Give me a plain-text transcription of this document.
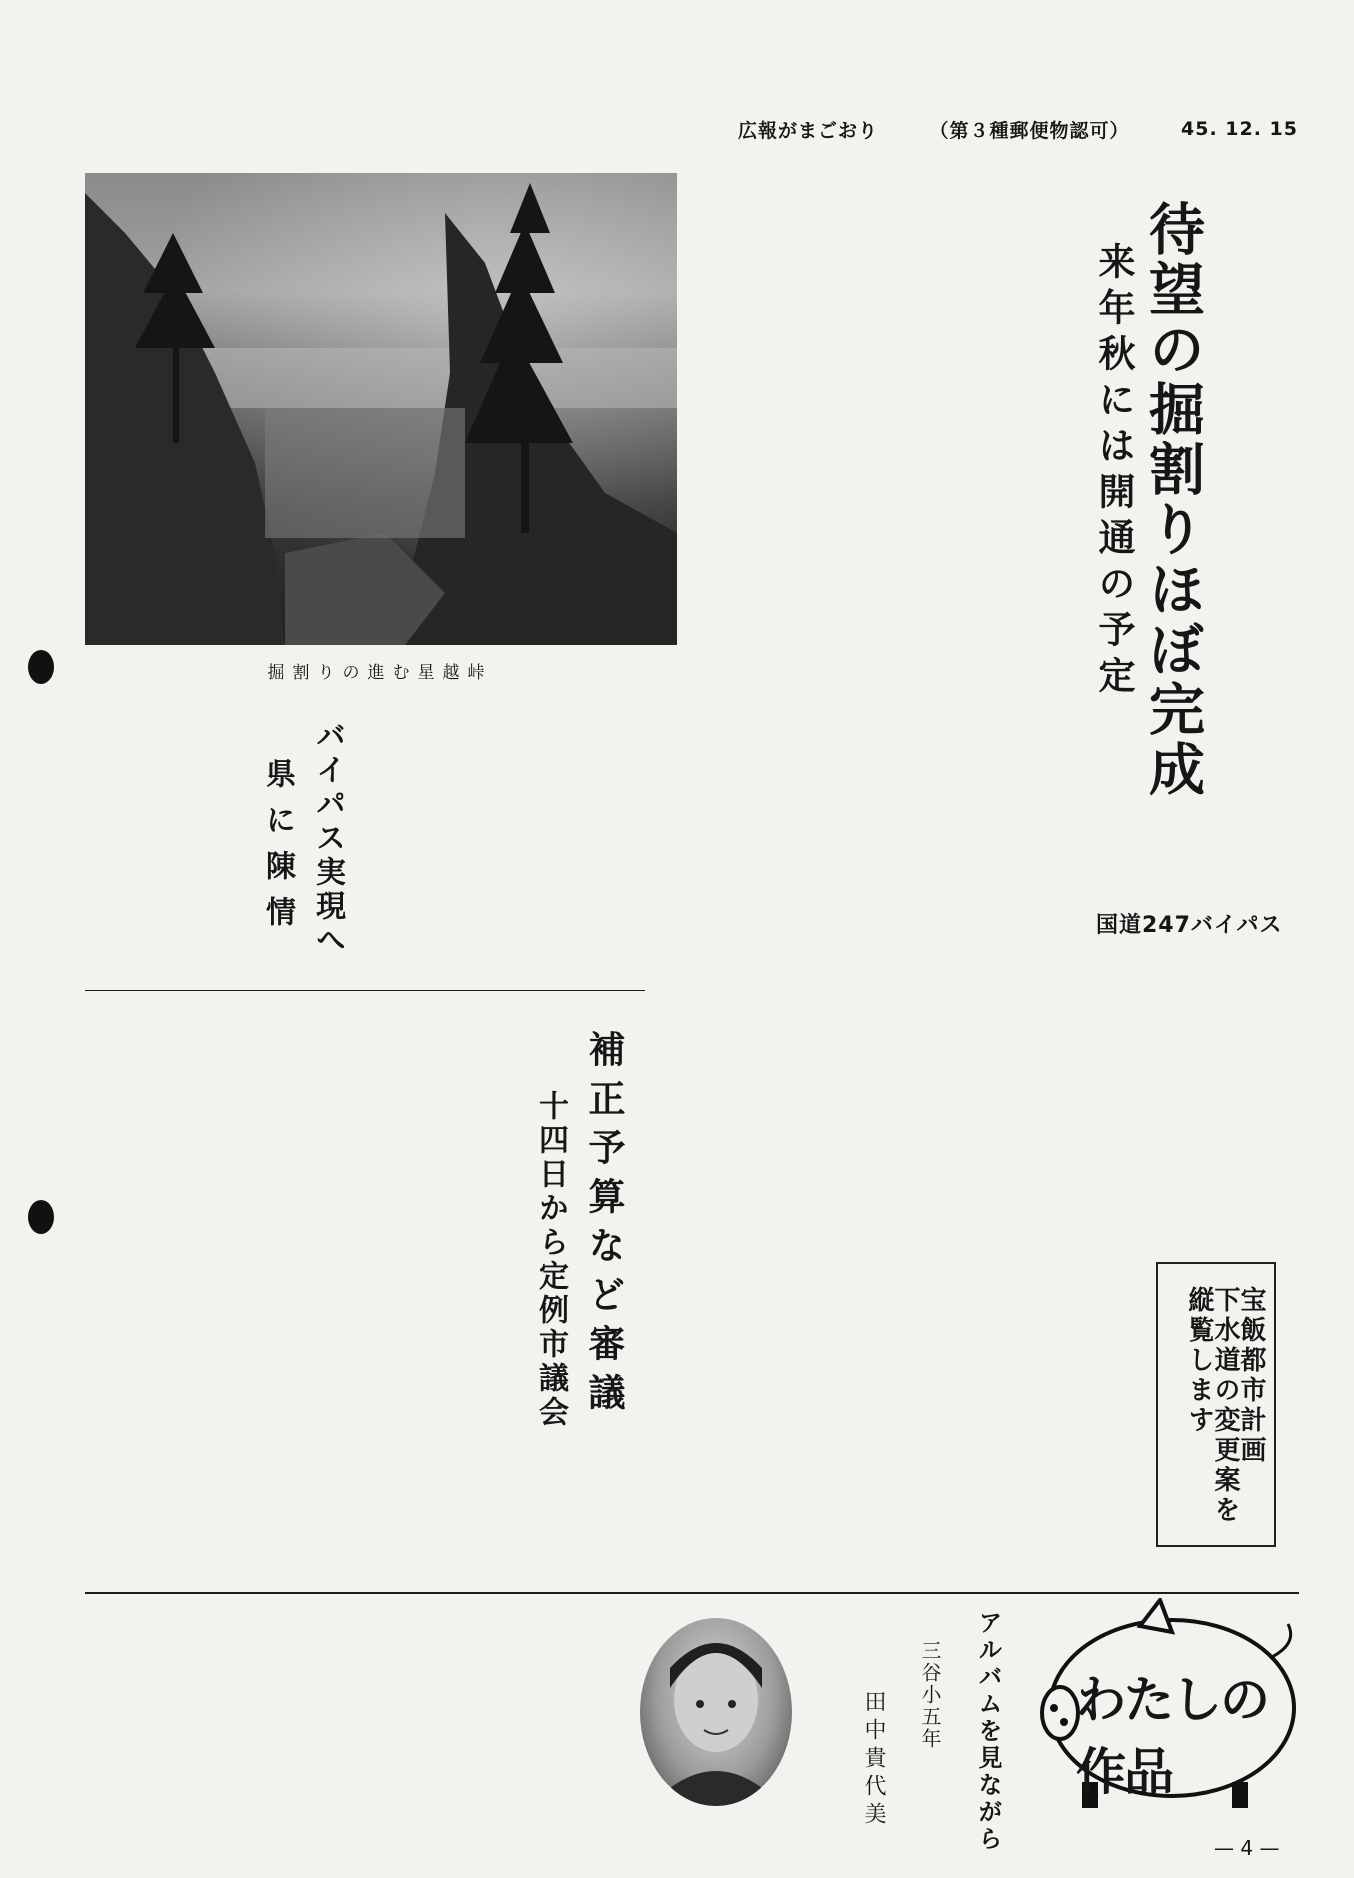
広報がまごおり	（第３種郵便物認可）	45. 12. 15
掘割りの進む星越峠	待望の掘割りほぼ完成
来年秋には開通の予定
国道247バイパス
バイパス実現へ
県に陳情
補正予算など審議
十四日から定例市議会	宝飯都市計画
下水道の変更案を
縦覧します
わたしの作品
アルバムを見ながら
三谷小五年
田中貴代美
— 4 —
